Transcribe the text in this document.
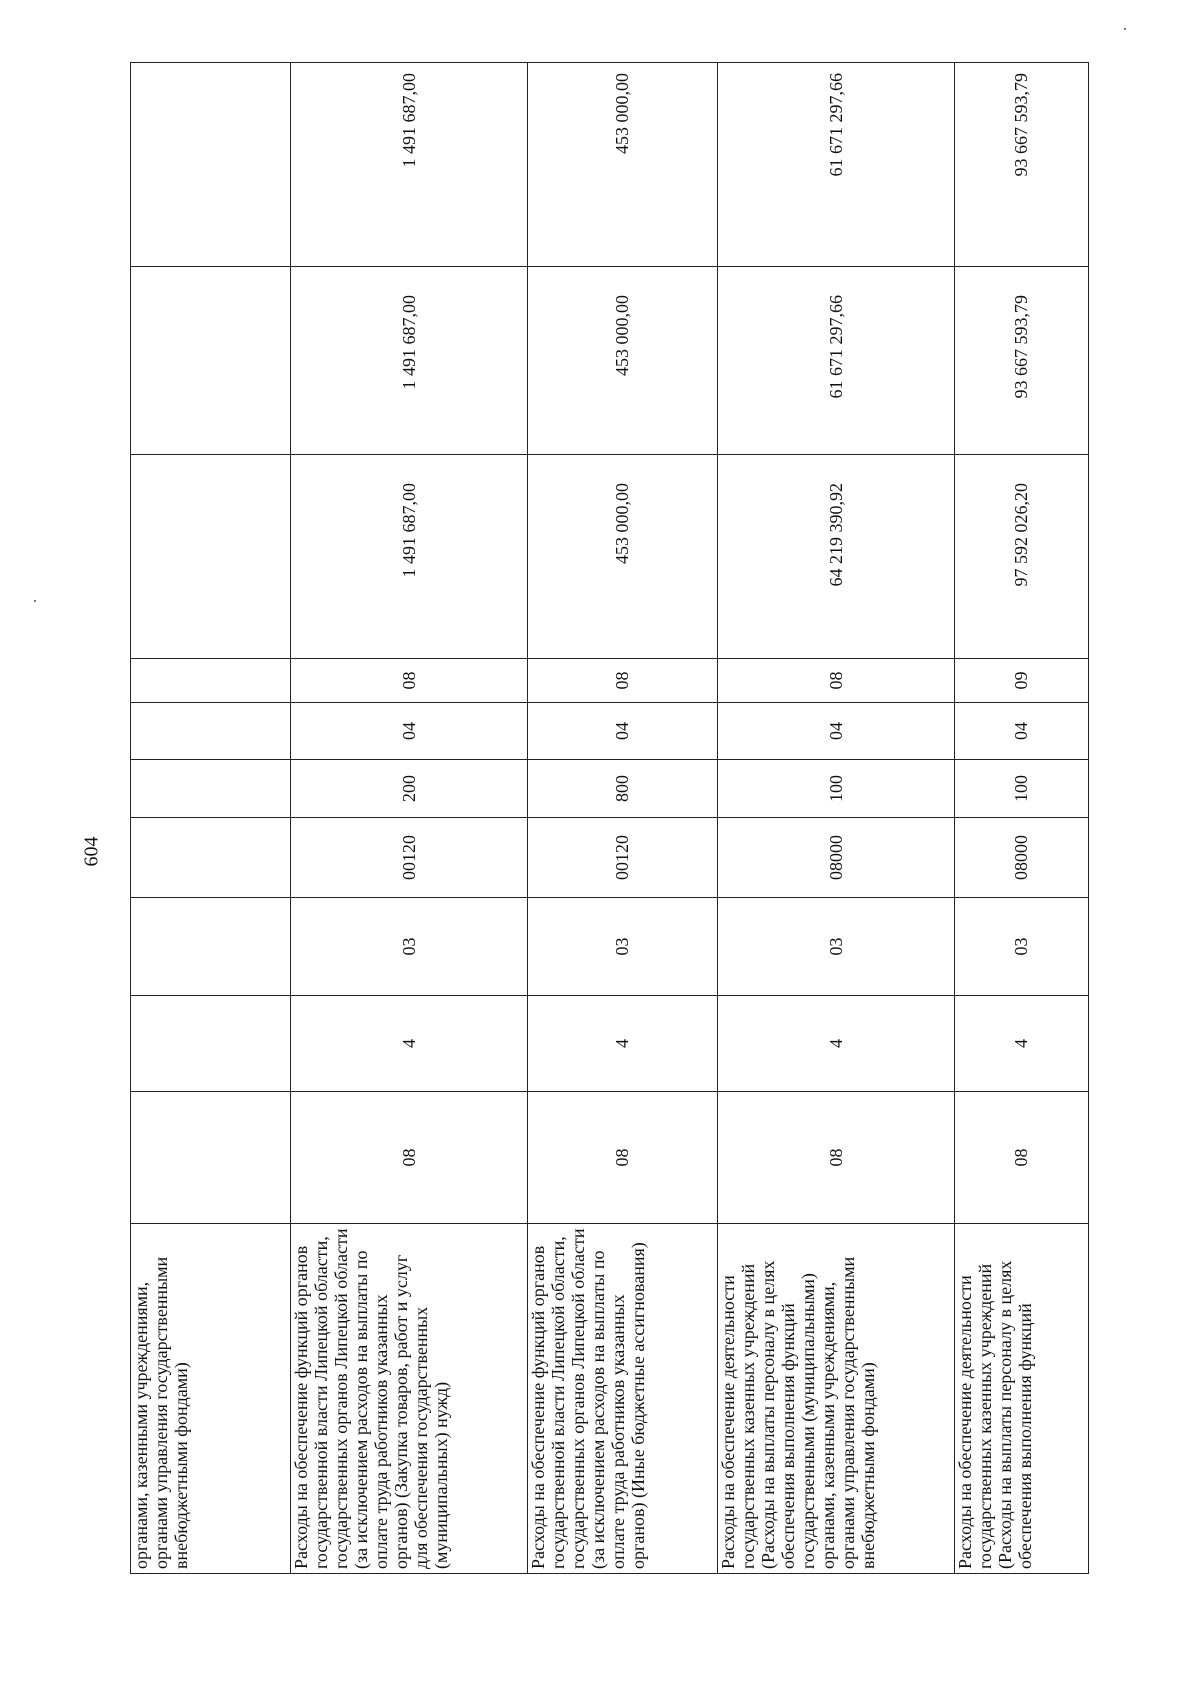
604
органами, казенными учреждениями, органами управления государственными внебюджетными фондами)										
Расходы на обеспечение функций органов государственной власти Липецкой области, государственных органов Липецкой области (за исключением расходов на выплаты по оплате труда работников указанных органов) (Закупка товаров, работ и услуг для обеспечения государственных (муниципальных) нужд)	08	4	03	00120	200	04	08	1 491 687,00	1 491 687,00	1 491 687,00
Расходы на обеспечение функций органов государственной власти Липецкой области, государственных органов Липецкой области (за исключением расходов на выплаты по оплате труда работников указанных органов) (Иные бюджетные ассигнования)	08	4	03	00120	800	04	08	453 000,00	453 000,00	453 000,00
Расходы на обеспечение деятельности государственных казенных учреждений (Расходы на выплаты персоналу в целях обеспечения выполнения функций государственными (муниципальными) органами, казенными учреждениями, органами управления государственными внебюджетными фондами)	08	4	03	08000	100	04	08	64 219 390,92	61 671 297,66	61 671 297,66
Расходы на обеспечение деятельности государственных казенных учреждений (Расходы на выплаты персоналу в целях обеспечения выполнения функций	08	4	03	08000	100	04	09	97 592 026,20	93 667 593,79	93 667 593,79
